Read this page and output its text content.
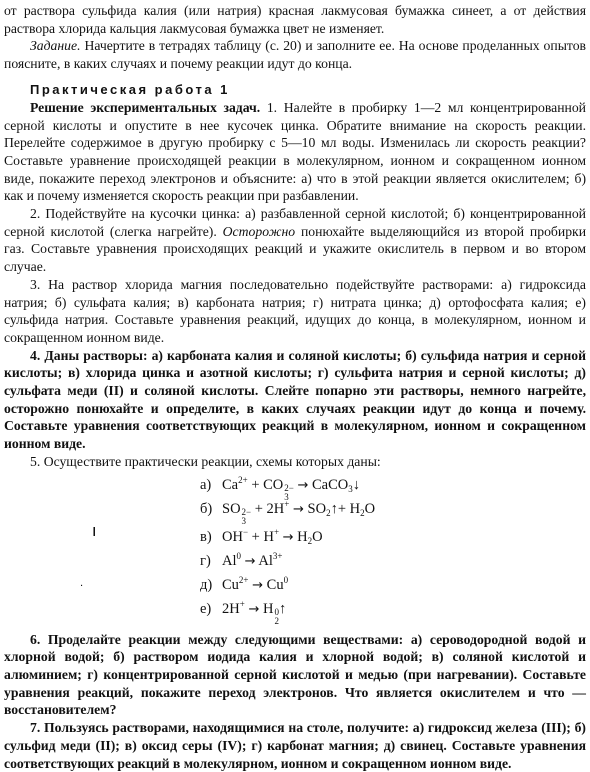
от раствора сульфида калия (или натрия) красная лакмусовая бумажка синеет, а от действия раствора хлорида кальция лакмусовая бумажка цвет не изменяет.

Задание. Начертите в тетрадях таблицу (с. 20) и заполните ее. На основе проделанных опытов поясните, в каких случаях и почему реакции идут до конца.

Практическая работа 1

Решение экспериментальных задач. 1. Налейте в пробирку 1—2 мл концентрированной серной кислоты и опустите в нее кусочек цинка. Обратите внимание на скорость реакции. Перелейте содержимое в другую пробирку с 5—10 мл воды. Изменилась ли скорость реакции? Составьте уравнение происходящей реакции в молекулярном, ионном и сокращенном ионном виде, покажите переход электронов и объясните: а) что в этой реакции является окислителем; б) как и почему изменяется скорость реакции при разбавлении.

2. Подействуйте на кусочки цинка: а) разбавленной серной кислотой; б) концентрированной серной кислотой (слегка нагрейте). Осторожно понюхайте выделяющийся из второй пробирки газ. Составьте уравнения происходящих реакций и укажите окислитель в первом и во втором случае.

3. На раствор хлорида магния последовательно подействуйте растворами: а) гидроксида натрия; б) сульфата калия; в) карбоната натрия; г) нитрата цинка; д) ортофосфата калия; е) сульфида натрия. Составьте уравнения реакций, идущих до конца, в молекулярном, ионном и сокращенном ионном виде.

4. Даны растворы: а) карбоната калия и соляной кислоты; б) сульфида натрия и серной кислоты; в) хлорида цинка и азотной кислоты; г) сульфита натрия и серной кислоты; д) сульфата меди (II) и соляной кислоты. Слейте попарно эти растворы, немного нагрейте, осторожно понюхайте и определите, в каких случаях реакции идут до конца и почему. Составьте уравнения соответствующих реакций в молекулярном, ионном и сокращенном ионном виде.

5. Осуществите практически реакции, схемы которых даны:

ı
·
а) $Ca^{2+}$ + CO 2−
3
→ CaCO$_3$↓
б) SO 2−
3
+ $2H^+ \to SO_2↑+ H_2O$
в) $OH^- + H^+ \to H_2O$
г) $Al^0 \to Al^{3+}$
д) $Cu^{2+} \to Cu^0$
е) 2H+ → H 0
2
↑

6. Проделайте реакции между следующими веществами: а) сероводородной водой и хлорной водой; б) раствором иодида калия и хлорной водой; в) соляной кислотой и алюминием; г) концентрированной серной кислотой и медью (при нагревании). Составьте уравнения реакций, покажите переход электронов. Что является окислителем и что — восстановителем?

7. Пользуясь растворами, находящимися на столе, получите: а) гидроксид железа (III); б) сульфид меди (II); в) оксид серы (IV); г) карбонат магния; д) свинец. Составьте уравнения соответствующих реакций в молекулярном, ионном и сокращенном ионном виде.
